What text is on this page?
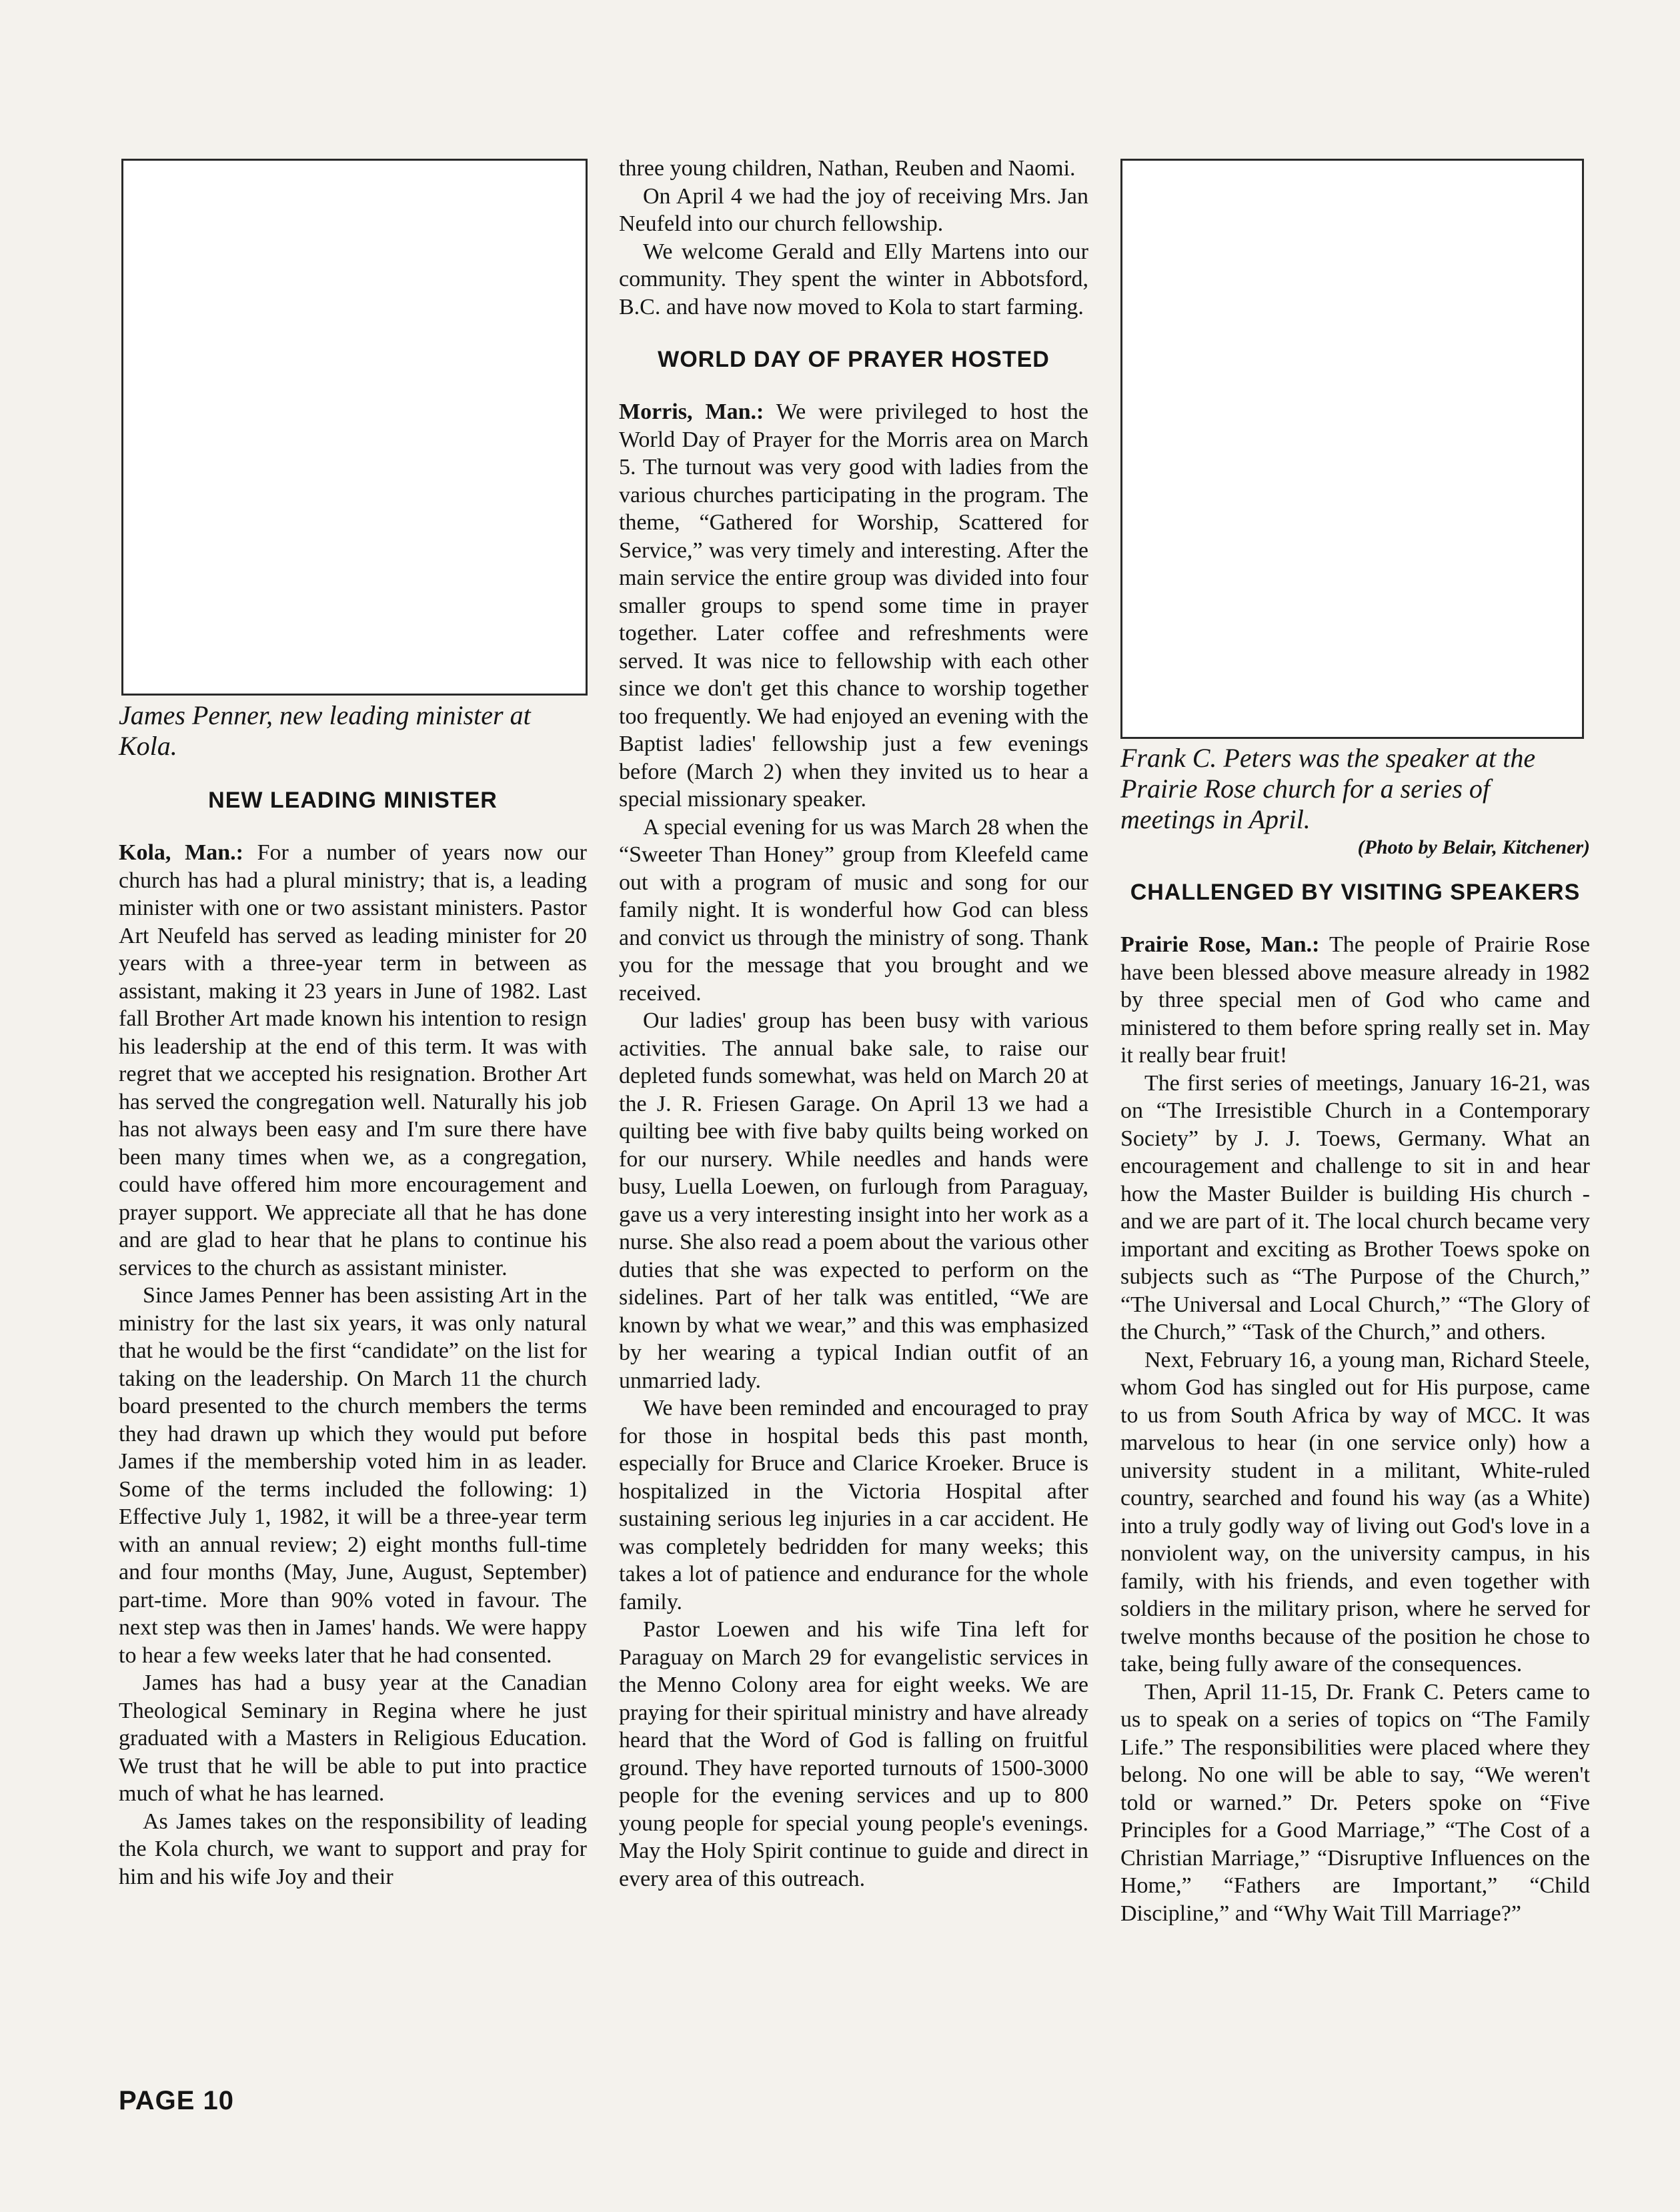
James Penner, new leading minister at Kola.

NEW LEADING MINISTER

Kola, Man.: For a number of years now our church has had a plural ministry; that is, a leading minister with one or two assistant ministers. Pastor Art Neufeld has served as leading minister for 20 years with a three-year term in between as assistant, making it 23 years in June of 1982. Last fall Brother Art made known his intention to resign his leadership at the end of this term. It was with regret that we accepted his resignation. Brother Art has served the congregation well. Naturally his job has not always been easy and I'm sure there have been many times when we, as a congregation, could have offered him more encouragement and prayer support. We appreciate all that he has done and are glad to hear that he plans to continue his services to the church as assistant minister.

Since James Penner has been assisting Art in the ministry for the last six years, it was only natural that he would be the first “candidate” on the list for taking on the leadership. On March 11 the church board presented to the church members the terms they had drawn up which they would put before James if the membership voted him in as leader. Some of the terms included the following: 1) Effective July 1, 1982, it will be a three-year term with an annual review; 2) eight months full-time and four months (May, June, August, September) part-time. More than 90% voted in favour. The next step was then in James' hands. We were happy to hear a few weeks later that he had consented.

James has had a busy year at the Canadian Theological Seminary in Regina where he just graduated with a Masters in Religious Education. We trust that he will be able to put into practice much of what he has learned.

As James takes on the responsibility of leading the Kola church, we want to support and pray for him and his wife Joy and their

three young children, Nathan, Reuben and Naomi.

On April 4 we had the joy of receiving Mrs. Jan Neufeld into our church fellowship.

We welcome Gerald and Elly Martens into our community. They spent the winter in Abbotsford, B.C. and have now moved to Kola to start farming.

WORLD DAY OF PRAYER HOSTED

Morris, Man.: We were privileged to host the World Day of Prayer for the Morris area on March 5. The turnout was very good with ladies from the various churches participating in the program. The theme, “Gathered for Worship, Scattered for Service,” was very timely and interesting. After the main service the entire group was divided into four smaller groups to spend some time in prayer together. Later coffee and refreshments were served. It was nice to fellowship with each other since we don't get this chance to worship together too frequently. We had enjoyed an evening with the Baptist ladies' fellowship just a few evenings before (March 2) when they invited us to hear a special missionary speaker.

A special evening for us was March 28 when the “Sweeter Than Honey” group from Kleefeld came out with a program of music and song for our family night. It is wonderful how God can bless and convict us through the ministry of song. Thank you for the message that you brought and we received.

Our ladies' group has been busy with various activities. The annual bake sale, to raise our depleted funds somewhat, was held on March 20 at the J. R. Friesen Garage. On April 13 we had a quilting bee with five baby quilts being worked on for our nursery. While needles and hands were busy, Luella Loewen, on furlough from Paraguay, gave us a very interesting insight into her work as a nurse. She also read a poem about the various other duties that she was expected to perform on the sidelines. Part of her talk was entitled, “We are known by what we wear,” and this was emphasized by her wearing a typical Indian outfit of an unmarried lady.

We have been reminded and encouraged to pray for those in hospital beds this past month, especially for Bruce and Clarice Kroeker. Bruce is hospitalized in the Victoria Hospital after sustaining serious leg injuries in a car accident. He was completely bedridden for many weeks; this takes a lot of patience and endurance for the whole family.

Pastor Loewen and his wife Tina left for Paraguay on March 29 for evangelistic services in the Menno Colony area for eight weeks. We are praying for their spiritual ministry and have already heard that the Word of God is falling on fruitful ground. They have reported turnouts of 1500-3000 people for the evening services and up to 800 young people for special young people's evenings. May the Holy Spirit continue to guide and direct in every area of this outreach.

Frank C. Peters was the speaker at the Prairie Rose church for a series of meetings in April.

(Photo by Belair, Kitchener)

CHALLENGED BY VISITING SPEAKERS

Prairie Rose, Man.: The people of Prairie Rose have been blessed above measure already in 1982 by three special men of God who came and ministered to them before spring really set in. May it really bear fruit!

The first series of meetings, January 16-21, was on “The Irresistible Church in a Contemporary Society” by J. J. Toews, Germany. What an encouragement and challenge to sit in and hear how the Master Builder is building His church - and we are part of it. The local church became very important and exciting as Brother Toews spoke on subjects such as “The Purpose of the Church,” “The Universal and Local Church,” “The Glory of the Church,” “Task of the Church,” and others.

Next, February 16, a young man, Richard Steele, whom God has singled out for His purpose, came to us from South Africa by way of MCC. It was marvelous to hear (in one service only) how a university student in a militant, White-ruled country, searched and found his way (as a White) into a truly godly way of living out God's love in a nonviolent way, on the university campus, in his family, with his friends, and even together with soldiers in the military prison, where he served for twelve months because of the position he chose to take, being fully aware of the consequences.

Then, April 11-15, Dr. Frank C. Peters came to us to speak on a series of topics on “The Family Life.” The responsibilities were placed where they belong. No one will be able to say, “We weren't told or warned.” Dr. Peters spoke on “Five Principles for a Good Marriage,” “The Cost of a Christian Marriage,” “Disruptive Influences on the Home,” “Fathers are Important,” “Child Discipline,” and “Why Wait Till Marriage?”

PAGE 10
